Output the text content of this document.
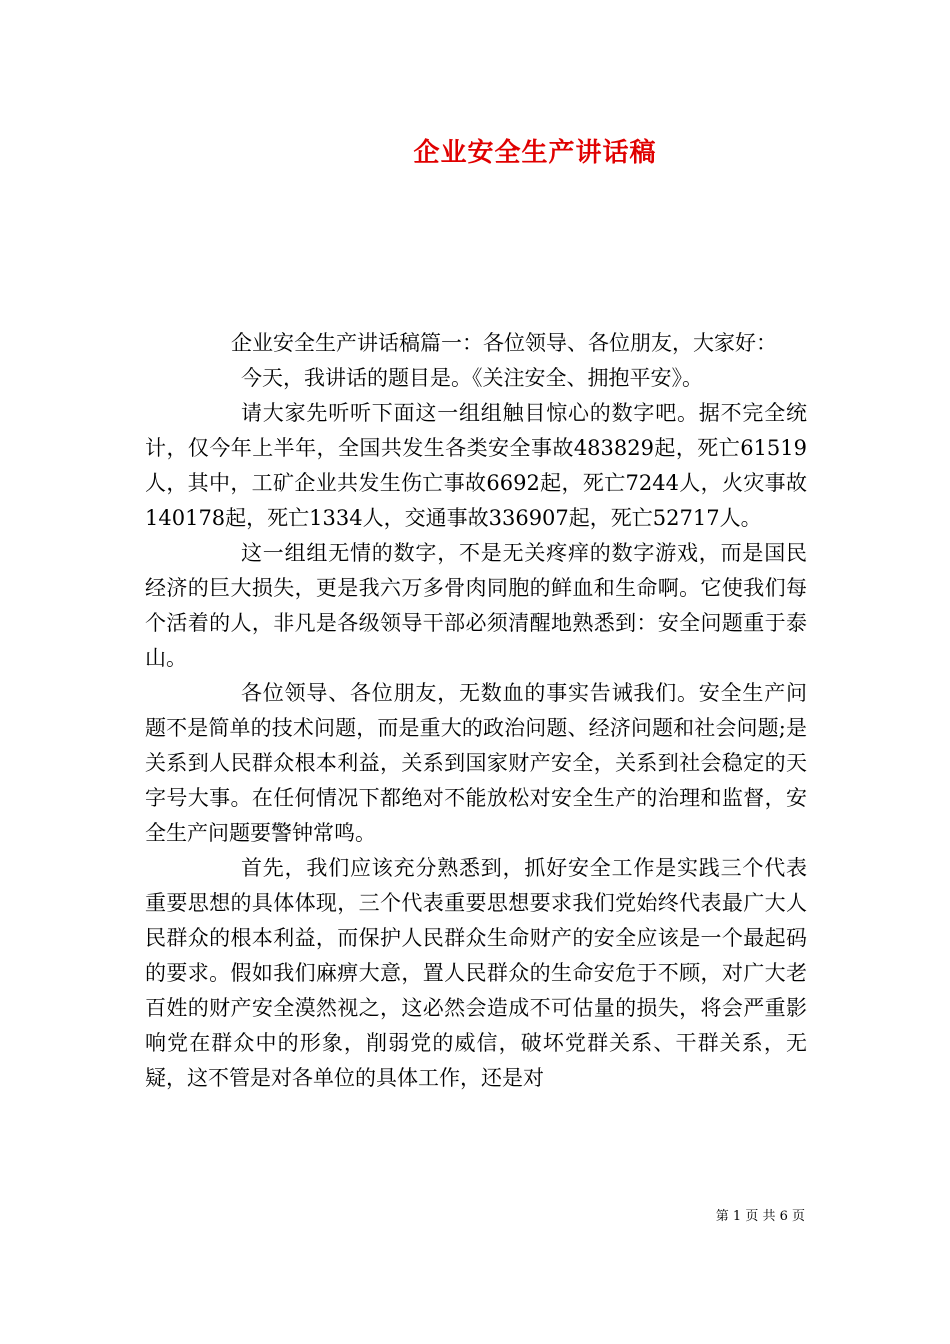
企业安全生产讲话稿

企业安全生产讲话稿篇一：各位领导、各位朋友，大家好：

今天，我讲话的题目是。《关注安全、拥抱平安》。

请大家先听听下面这一组组触目惊心的数字吧。据不完全统计，仅今年上半年，全国共发生各类安全事故483829起，死亡61519人，其中，工矿企业共发生伤亡事故6692起，死亡7244人，火灾事故140178起，死亡1334人，交通事故336907起，死亡52717人。

这一组组无情的数字，不是无关疼痒的数字游戏，而是国民经济的巨大损失，更是我六万多骨肉同胞的鲜血和生命啊。它使我们每个活着的人，非凡是各级领导干部必须清醒地熟悉到：安全问题重于泰山。

各位领导、各位朋友，无数血的事实告诫我们。安全生产问题不是简单的技术问题，而是重大的政治问题、经济问题和社会问题;是关系到人民群众根本利益，关系到国家财产安全，关系到社会稳定的天字号大事。在任何情况下都绝对不能放松对安全生产的治理和监督，安全生产问题要警钟常鸣。

首先，我们应该充分熟悉到，抓好安全工作是实践三个代表重要思想的具体体现，三个代表重要思想要求我们党始终代表最广大人民群众的根本利益，而保护人民群众生命财产的安全应该是一个最起码的要求。假如我们麻痹大意，置人民群众的生命安危于不顾，对广大老百姓的财产安全漠然视之，这必然会造成不可估量的损失，将会严重影响党在群众中的形象，削弱党的威信，破坏党群关系、干群关系，无疑，这不管是对各单位的具体工作，还是对

第 1 页 共 6 页
